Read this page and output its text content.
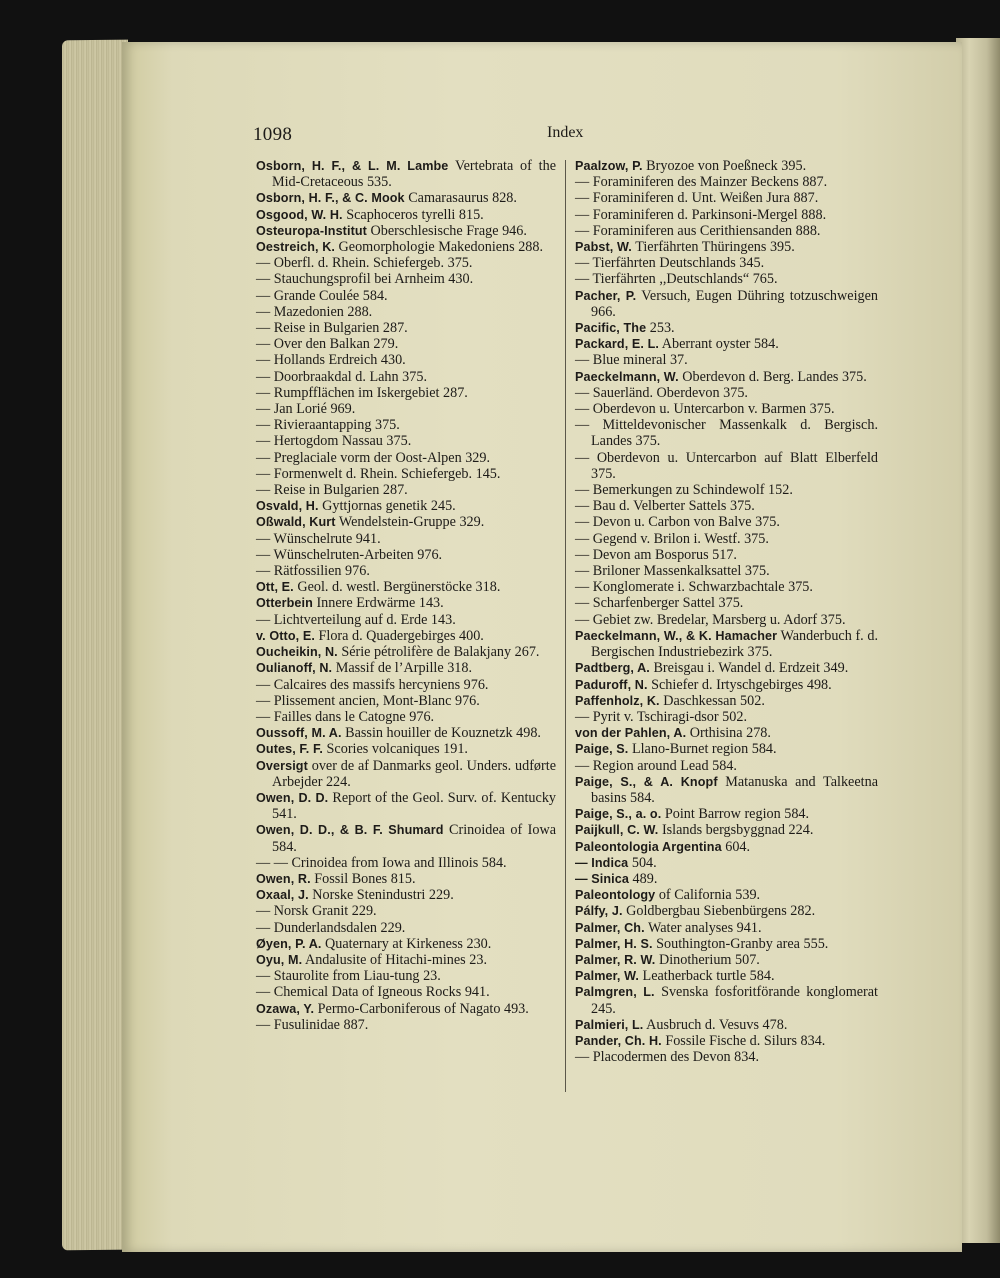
1098	Index
Osborn, H. F., & L. M. Lambe Vertebrata of the Mid-Cretaceous 535.
Osborn, H. F., & C. Mook Camarasaurus 828.
Osgood, W. H. Scaphoceros tyrelli 815.
Osteuropa-Institut Oberschlesische Frage 946.
Oestreich, K. Geomorphologie Makedoniens 288.
— Oberfl. d. Rhein. Schiefergeb. 375.
— Stauchungsprofil bei Arnheim 430.
— Grande Coulée 584.
— Mazedonien 288.
— Reise in Bulgarien 287.
— Over den Balkan 279.
— Hollands Erdreich 430.
— Doorbraakdal d. Lahn 375.
— Rumpfflächen im Iskergebiet 287.
— Jan Lorié 969.
— Rivieraantapping 375.
— Hertogdom Nassau 375.
— Preglaciale vorm der Oost-Alpen 329.
— Formenwelt d. Rhein. Schiefergeb. 145.
— Reise in Bulgarien 287.
Osvald, H. Gyttjornas genetik 245.
Oßwald, Kurt Wendelstein-Gruppe 329.
— Wünschelrute 941.
— Wünschelruten-Arbeiten 976.
— Rätfossilien 976.
Ott, E. Geol. d. westl. Bergünerstöcke 318.
Otterbein Innere Erdwärme 143.
— Lichtverteilung auf d. Erde 143.
v. Otto, E. Flora d. Quadergebirges 400.
Oucheikin, N. Série pétrolifère de Balakjany 267.
Oulianoff, N. Massif de l’Arpille 318.
— Calcaires des massifs hercyniens 976.
— Plissement ancien, Mont-Blanc 976.
— Failles dans le Catogne 976.
Oussoff, M. A. Bassin houiller de Kouznetzk 498.
Outes, F. F. Scories volcaniques 191.
Oversigt over de af Danmarks geol. Unders. udførte Arbejder 224.
Owen, D. D. Report of the Geol. Surv. of. Kentucky 541.
Owen, D. D., & B. F. Shumard Crinoidea of Iowa 584.
— — Crinoidea from Iowa and Illinois 584.
Owen, R. Fossil Bones 815.
Oxaal, J. Norske Stenindustri 229.
— Norsk Granit 229.
— Dunderlandsdalen 229.
Øyen, P. A. Quaternary at Kirkeness 230.
Oyu, M. Andalusite of Hitachi-mines 23.
— Staurolite from Liau-tung 23.
— Chemical Data of Igneous Rocks 941.
Ozawa, Y. Permo-Carboniferous of Nagato 493.
— Fusulinidae 887.
Paalzow, P. Bryozoe von Poeßneck 395.
— Foraminiferen des Mainzer Beckens 887.
— Foraminiferen d. Unt. Weißen Jura 887.
— Foraminiferen d. Parkinsoni-Mergel 888.
— Foraminiferen aus Cerithiensanden 888.
Pabst, W. Tierfährten Thüringens 395.
— Tierfährten Deutschlands 345.
— Tierfährten ,,Deutschlands“ 765.
Pacher, P. Versuch, Eugen Dühring totzuschweigen 966.
Pacific, The 253.
Packard, E. L. Aberrant oyster 584.
— Blue mineral 37.
Paeckelmann, W. Oberdevon d. Berg. Landes 375.
— Sauerländ. Oberdevon 375.
— Oberdevon u. Untercarbon v. Barmen 375.
— Mitteldevonischer Massenkalk d. Bergisch. Landes 375.
— Oberdevon u. Untercarbon auf Blatt Elberfeld 375.
— Bemerkungen zu Schindewolf 152.
— Bau d. Velberter Sattels 375.
— Devon u. Carbon von Balve 375.
— Gegend v. Brilon i. Westf. 375.
— Devon am Bosporus 517.
— Briloner Massenkalksattel 375.
— Konglomerate i. Schwarzbachtale 375.
— Scharfenberger Sattel 375.
— Gebiet zw. Bredelar, Marsberg u. Adorf 375.
Paeckelmann, W., & K. Hamacher Wanderbuch f. d. Bergischen Industriebezirk 375.
Padtberg, A. Breisgau i. Wandel d. Erdzeit 349.
Paduroff, N. Schiefer d. Irtyschgebirges 498.
Paffenholz, K. Daschkessan 502.
— Pyrit v. Tschiragi-dsor 502.
von der Pahlen, A. Orthisina 278.
Paige, S. Llano-Burnet region 584.
— Region around Lead 584.
Paige, S., & A. Knopf Matanuska and Talkeetna basins 584.
Paige, S., a. o. Point Barrow region 584.
Paijkull, C. W. Islands bergsbyggnad 224.
Paleontologia Argentina 604.
— Indica 504.
— Sinica 489.
Paleontology of California 539.
Pálfy, J. Goldbergbau Siebenbürgens 282.
Palmer, Ch. Water analyses 941.
Palmer, H. S. Southington-Granby area 555.
Palmer, R. W. Dinotherium 507.
Palmer, W. Leatherback turtle 584.
Palmgren, L. Svenska fosforitförande konglomerat 245.
Palmieri, L. Ausbruch d. Vesuvs 478.
Pander, Ch. H. Fossile Fische d. Silurs 834.
— Placodermen des Devon 834.
